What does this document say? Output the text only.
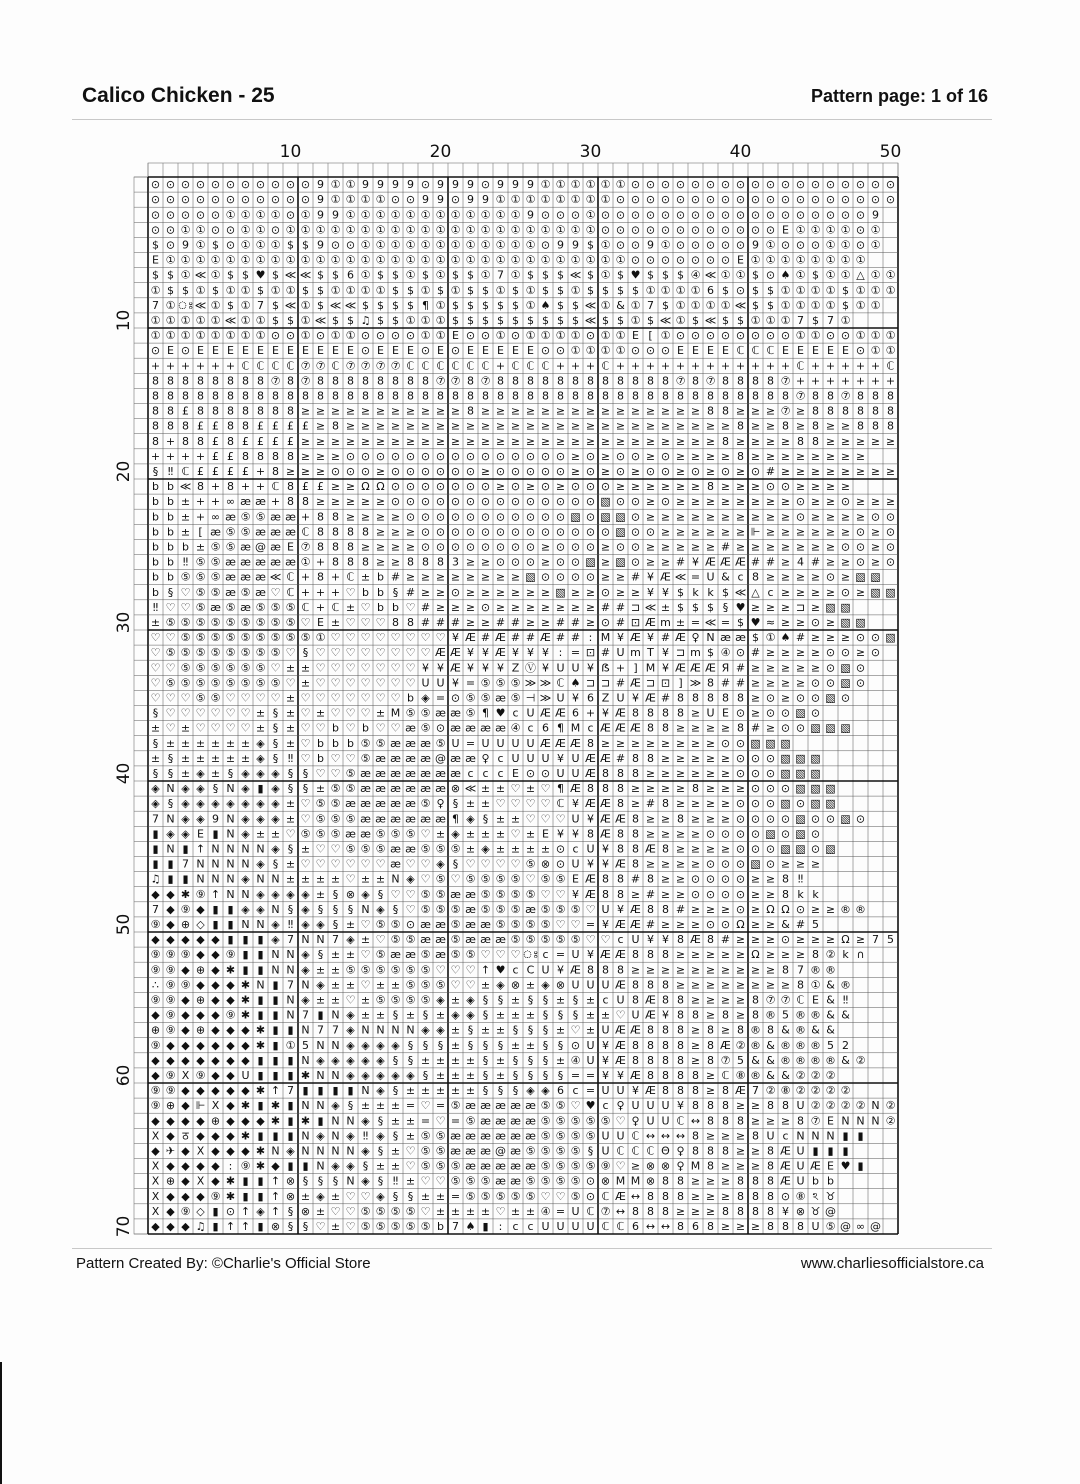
Calico Chicken - 25	Pattern page: 1 of 16
10	20	30	40	50
10
20
30
40
50
60
70
⊙ ⊙ ⊙ ⊙ ⊙ ⊙ ⊙ ⊙ ⊙ ⊙ ⊙ 9 ① ① 9 9 9 9 ⊙ 9 9 9 ⊙ 9 9 9 ① ① ① ① ① ① ⊙ ⊙ ⊙ ⊙ ⊙ ⊙ ⊙ ⊙ ⊙ ⊙ ⊙ ⊙ ⊙ ⊙ ⊙ ⊙ ⊙ ⊙
⊙ ⊙ ⊙ ⊙ ⊙ ⊙ ⊙ ⊙ ⊙ ⊙ ⊙ 9 ① ① ① ① ⊙ ⊙ 9 9 ⊙ 9 9 ① ① ① ① ① ① ① ① ⊙ ⊙ ⊙ ⊙ ⊙ ⊙ ⊙ ⊙ ⊙ ⊙ ⊙ ⊙ ⊙ ⊙ ⊙ ⊙ ⊙ ⊙ ⊙
⊙ ⊙ ⊙ ⊙ ⊙ ① ① ① ① ⊙ ① 9 9 ① ① ① ① ① ① ① ① ① ① ① ① 9 ⊙ ⊙ ⊙ ① ⊙ ⊙ ⊙ ⊙ ⊙ ⊙ ⊙ ⊙ ⊙ ⊙ ⊙ ⊙ ⊙ ⊙ ⊙ ⊙ ⊙ ⊙ 9
⊙ ⊙ ① ① ⊙ ⊙ ① ① ⊙ ① ① ① ① ① ① ① ① ① ① ① ① ① ① ① ① ① ① ① ① ① ⊙ ⊙ ⊙ ⊙ ⊙ ⊙ ⊙ ⊙ ⊙ ⊙ ⊙ ⊙ E ① ① ① ① ⊙ ①
$ ⊙ 9 ① $ ⊙ ① ① ① $ $ 9 ⊙ ⊙ ① ① ① ① ① ① ① ① ① ① ① ① ⊙ 9 9 $ ① ⊙ ⊙ 9 ① ⊙ ⊙ ⊙ ⊙ ⊙ 9 ① ⊙ ⊙ ⊙ ① ① ⊙ ①
E ① ① ① ① ① ① ① ① ① ① ① ① ① ① ① ① ① ① ① ① ① ① ① ① ① ① ① ① ① ① ① ⊙ ⊙ ⊙ ⊙ ⊙ ⊙ ⊙ E ① ① ① ① ① ① ① ①
$ $ ① ≪ ① $ $ ♥ $ ≪ ≪ $ $ 6 ① $ $ ① $ ① $ $ ① 7 ① $ $ $ ≪ $ ① $ ♥ $ $ $ ④ ≪ ① ① $ ⊙ ♠ ① $ ① ① △ ① ①
① $ $ ① $ ① ① $ ① ① $ $ ① ① ① ① $ $ ① $ ① $ $ ① $ ① $ $ ① $ $ $ $ ① ① ① ① 6 $ ⊙ $ $ ① ① ① ① $ ① ① ①
7 ① ঃ ≪ ① $ ① 7 $ ≪ ① $ ≪ ≪ $ $ $ $ ¶ ① $ $ $ $ $ ① ♠ $ $ ≪ ① & ① 7 $ ① ① ① ① ≪ $ $ ① ① ① ① $ ① ①
① ① ① ① ① ≪ ① ① $ $ ① ≪ $ $ ♫ $ $ ① ① ① $ $ $ $ $ $ $ $ $ ≪ $ $ ① $ ≪ ① $ ≪ $ $ ① ① ① 7 $ 7 ①
① ① ① ① ① ① ① ① ⊙ ⊙ ① ⊙ ① ① ⊙ ⊙ ⊙ ⊙ ① ① E ⊙ ⊙ ① ⊙ ① ① ① ① ⊙ ① ① E [ ① ⊙ ⊙ ⊙ ⊙ ⊙ ⊙ ⊙ ⊙ ① ① ⊙ ⊙ ① ① ①
⊙ E ⊙ E E E E E E E E E E E ⊙ E E E ⊙ E ⊙ E E E E E ⊙ ⊙ ① ① ① ① ⊙ ⊙ ⊙ E E E E ℂ ℂ ℂ E E E E E ⊙ ① ①
+ + + + + + ℂ ℂ ℂ ℂ ⑦ ⑦ ℂ ⑦ ⑦ ⑦ ⑦ ℂ ℂ ℂ ℂ ℂ ℂ + ℂ ℂ ℂ + + + ℂ + + + + + + + + + + + + ℂ + + + + + ℂ
8 8 8 8 8 8 8 8 ⑦ 8 ⑦ 8 8 8 8 8 8 8 8 ⑦ ⑦ 8 ⑦ 8 8 8 8 8 8 8 8 8 8 8 8 ⑦ 8 ⑦ 8 8 8 8 ⑦ + + + + + + +
8 8 8 8 8 8 8 8 8 8 8 8 8 8 8 8 8 8 8 8 8 8 8 8 8 8 8 8 8 8 8 8 8 8 8 8 8 8 8 8 8 8 8 ⑦ 8 8 ⑦ 8 8 8
8 8 £ 8 8 8 8 8 8 8 ≥ ≥ ≥ ≥ ≥ ≥ ≥ ≥ ≥ ≥ ≥ 8 ≥ ≥ ≥ ≥ ≥ ≥ ≥ ≥ ≥ ≥ ≥ ≥ ≥ ≥ ≥ 8 8 ≥ ≥ ≥ ⑦ ≥ 8 8 8 8 8 8
8 8 8 £ £ 8 8 £ £ £ £ ≥ 8 ≥ ≥ ≥ ≥ ≥ ≥ ≥ ≥ ≥ ≥ ≥ ≥ ≥ ≥ ≥ ≥ ≥ ≥ ≥ ≥ ≥ ≥ ≥ ≥ ≥ ≥ 8 ≥ ≥ 8 ≥ 8 ≥ ≥ 8 8 8
8 + 8 8 £ 8 £ £ £ £ ≥ ≥ ≥ ≥ ≥ ≥ ≥ ≥ ≥ ≥ ≥ ≥ ≥ ≥ ≥ ≥ ≥ ≥ ≥ ≥ ≥ ≥ ≥ ≥ ≥ ≥ ≥ ≥ 8 ≥ ≥ ≥ ≥ 8 8 ≥ ≥ ≥ ≥ ≥
+ + + + £ £ 8 8 8 8 ≥ ≥ ≥ ⊙ ⊙ ⊙ ⊙ ⊙ ⊙ ⊙ ⊙ ⊙ ⊙ ⊙ ⊙ ⊙ ⊙ ⊙ ≥ ⊙ ≥ ⊙ ⊙ ≥ ⊙ ≥ ≥ ≥ ≥ 8 ≥ ≥ ≥ ≥ ≥ ≥ ≥ ≥
§ ‼ ℂ £ £ £ £ + 8 ≥ ≥ ≥ ⊙ ⊙ ⊙ ≥ ⊙ ⊙ ⊙ ⊙ ⊙ ⊙ ≥ ⊙ ⊙ ⊙ ⊙ ⊙ ≥ ⊙ ≥ ⊙ ≥ ⊙ ⊙ ≥ ⊙ ≥ ⊙ ≥ ⊙ # ≥ ≥ ≥ ≥ ≥ ≥ ≥ ≥
b b ≪ 8 + 8 + + ℂ 8 £ £ ≥ ≥ Ω Ω ⊙ ⊙ ⊙ ⊙ ⊙ ⊙ ⊙ ≥ ⊙ ≥ ⊙ ≥ ⊙ ⊙ ⊙ ≥ ≥ ≥ ≥ ≥ ≥ 8 ≥ ≥ ≥ ⊙ ⊙ ≥ ≥ ≥ ≥
b b ± + + ∞ æ æ + 8 8 ≥ ≥ ≥ ≥ ≥ ⊙ ⊙ ⊙ ⊙ ⊙ ⊙ ⊙ ⊙ ⊙ ⊙ ⊙ ⊙ ⊙ ⊙ ▧ ⊙ ⊙ ≥ ⊙ ≥ ≥ ≥ ≥ ≥ ≥ ≥ ≥ ⊙ ≥ ≥ ⊙ ≥ ≥ ≥
b b ± + ∞ æ ⑤ ⑤ æ æ + 8 8 ≥ ≥ ≥ ≥ ⊙ ⊙ ⊙ ⊙ ⊙ ⊙ ⊙ ⊙ ⊙ ⊙ ⊙ ▧ ⊙ ▧ ▧ ⊙ ≥ ≥ ≥ ≥ ≥ ≥ ≥ ≥ ≥ ≥ ⊙ ≥ ≥ ≥ ≥ ⊙ ⊙
b b ± [ æ ⑤ ⑤ æ æ æ ℂ 8 8 8 8 ≥ ≥ ≥ ⊙ ⊙ ⊙ ⊙ ⊙ ⊙ ⊙ ⊙ ⊙ ⊙ ⊙ ⊙ ⊙ ▧ ⊙ ⊙ ≥ ≥ ≥ ≥ ≥ ≥ ⊩ ≥ ≥ ≥ ≥ ≥ ≥ ⊙ ≥ ⊙
b b b ± ⑤ ⑤ æ @ æ E ⑦ 8 8 8 ≥ ≥ ≥ ≥ ⊙ ⊙ ⊙ ⊙ ⊙ ⊙ ⊙ ⊙ ≥ ⊙ ⊙ ⊙ ≥ ⊙ ⊙ ≥ ≥ ≥ ≥ ≥ # ≥ ≥ ≥ ≥ ≥ ≥ ≥ ⊙ ⊙ ≥ ⊙
b b ‼ ⑤ ⑤ æ æ æ æ æ ① + 8 8 8 ≥ ≥ 8 8 8 3 ≥ ≥ ⊙ ⊙ ⊙ ≥ ⊙ ⊙ ▧ ≥ ▧ ⊙ ≥ ≥ # ¥ Æ Æ Æ # # ≥ 4 # ≥ ≥ ⊙ ≥ ⊙
b b ⑤ ⑤ ⑤ æ æ æ ≪ ℂ + 8 + ℂ ± b # ≥ ≥ ≥ ≥ ≥ ≥ ≥ ≥ ▧ ⊙ ⊙ ⊙ ⊙ ≥ ≥ # ¥ Æ ≪ = U & c 8 ≥ ≥ ≥ ≥ ⊙ ≥ ▧ ▧
b § ♡ ⑤ ⑤ æ ⑤ æ ♡ ℂ + + + ♡ b b § # ≥ ≥ ⊙ ≥ ≥ ≥ ≥ ≥ ≥ ▧ ≥ ≥ ⊙ ≥ ≥ ¥ ¥ $ k k $ ≪ △ c ≥ ≥ ≥ ≥ ⊙ ≥ ▧ ▧
‼ ♡ ♡ ⑤ æ ⑤ æ ⑤ ⑤ ⑤ ℂ + ℂ ± ♡ b b ♡ # ≥ ≥ ≥ ⊙ ≥ ≥ ≥ ≥ ≥ ≥ ≥ # # ⊐ ≪ ± $ $ $ § ♥ ≥ ≥ ≥ ⊐ ≥ ▧ ▧
± ⑤ ⑤ ⑤ ⑤ ⑤ ⑤ ⑤ ⑤ ⑤ ♡ E ± ♡ ♡ ♡ 8 8 # # # ≥ ≥ # # ≥ ≥ # # ≥ ⊙ # ⊡ Æ m ± = ≪ = $ ♥ ≈ ≥ ≥ ⊙ ≥ ▧ ▧
♡ ♡ ⑤ ⑤ ⑤ ⑤ ⑤ ⑤ ⑤ ⑤ ⑤ ① ♡ ♡ ♡ ♡ ♡ ♡ ♡ ♡ ¥ Æ # Æ # # Æ # # : M ¥ Æ ¥ # Æ ♀ N æ æ $ ① ♠ # ≥ ≥ ≥ ⊙ ⊙ ▧
♡ ⑤ ⑤ ⑤ ⑤ ⑤ ⑤ ⑤ ⑤ ♡ § ♡ ♡ ♡ ♡ ♡ ♡ ♡ ♡ Æ Æ ¥ ¥ Æ ¥ ¥ ¥ : = ⊡ # U m T ¥ ⊐ m $ ④ ⊙ # ≥ ≥ ≥ ≥ ⊙ ⊙ ≥ ⊙
♡ ♡ ⑤ ⑤ ⑤ ⑤ ⑤ ⑤ ♡ ± ± ♡ ♡ ♡ ♡ ♡ ♡ ♡ ¥ ¥ Æ ¥ ¥ ¥ Z Ⓥ ¥ U U ¥ ẞ + ] M ¥ Æ Æ Æ Я # ≥ ≥ ≥ ≥ ≥ ⊙ ▧ ⊙
♡ ⑤ ⑤ ⑤ ⑤ ⑤ ⑤ ⑤ ⑤ ♡ ± ♡ ♡ ♡ ♡ ♡ ♡ ♡ U U ¥ = ⑤ ⑤ ⑤ ≫ ≫ ℂ ♠ ⊐ ⊐ # Æ ⊐ ⊡ ] ≫ 8 # # ≥ ≥ ≥ ≥ ⊙ ⊙ ▧ ⊙
♡ ♡ ♡ ⑤ ⑤ ♡ ♡ ♡ ♡ ± ♡ ♡ ♡ ♡ ♡ ♡ ♡ b ◈ = ⊙ ⑤ ⑤ æ ⑤ ⊣ ≫ U ¥ 6 Z U ¥ Æ # 8 8 8 8 8 ≥ ⊙ ≥ ⊙ ⊙ ▧ ⊙
§ ♡ ♡ ♡ ♡ ♡ ♡ ± § ± ♡ ± ♡ ♡ ♡ ± M ⑤ ⑤ æ æ ⑤ ¶ ♥ c U Æ Æ 6 + ¥ Æ 8 8 8 8 ≥ U E ⊙ ≥ ⊙ ⊙ ▧ ⊙
± ♡ ± ♡ ♡ ♡ ♡ ± § ± ♡ ♡ b ♡ b ♡ ♡ æ ⑤ ⊙ æ æ æ æ ④ c 6 ¶ M c Æ Æ Æ 8 8 ≥ ≥ ≥ ≥ 8 # ≥ ⊙ ⊙ ▧ ▧ ▧
§ ± ± ± ± ± ± ◈ § ± ♡ b b b ⑤ ⑤ æ æ æ ⑤ U = U U U U Æ Æ Æ 8 ≥ ≥ ≥ ≥ ≥ ≥ ≥ ≥ ⊙ ⊙ ▧ ▧ ▧
± § ± ± ± ± ± ◈ § ‼ ♡ b ♡ ♡ ⑤ æ æ æ æ @ æ æ ♀ c U U U ¥ U Æ Æ # 8 8 ≥ ≥ ≥ ≥ ≥ ⊙ ⊙ ⊙ ▧ ▧ ▧
§ § ± ◈ ± § ◈ ◈ ◈ § § ♡ ♡ ⑤ æ æ æ æ æ æ æ c c c E ⊙ ⊙ U U Æ 8 8 8 ≥ ≥ ≥ ≥ ≥ ≥ ⊙ ⊙ ⊙ ▧ ▧ ▧
◈ N ◈ ◈ § N ◈ ▮ ◈ § § ± ⑤ ⑤ æ æ æ æ æ æ ⊗ ≪ ± ± ♡ ± ♡ ¶ Æ 8 8 8 ≥ ≥ ≥ ≥ 8 ≥ ≥ ≥ ⊙ ⊙ ⊙ ▧ ▧ ▧
◈ § ◈ ◈ ◈ ◈ ◈ ◈ ◈ ± ♡ ⑤ ⑤ æ æ æ æ æ ⑤ ♀ § ± ± ♡ ♡ ♡ ♡ ℂ ¥ Æ Æ 8 ≥ # 8 ≥ ≥ ≥ ≥ ⊙ ⊙ ⊙ ▧ ⊙ ▧ ▧
7 N ◈ ◈ 9 N ◈ ◈ ◈ ± ♡ ⑤ ⑤ ⑤ æ æ æ æ æ æ ¶ ◈ § ± ± ♡ ♡ ♡ U ¥ Æ Æ 8 ≥ ≥ 8 ≥ ≥ ≥ ⊙ ⊙ ⊙ ⊙ ▧ ⊙ ⊙ ▧ ⊙
▮ ◈ ◈ E ▮ N ◈ ± ± ♡ ⑤ ⑤ ⑤ æ æ ⑤ ⑤ ⑤ ♡ ± ◈ ± ± ± ♡ ± E ¥ ¥ 8 Æ 8 8 ≥ ≥ ≥ ≥ ⊙ ⊙ ⊙ ⊙ ▧ ⊙ ▧ ⊙
▮ N ▮ ↑ N N N N ◈ § ± ♡ ♡ ⑤ ⑤ ⑤ æ æ ⑤ ⑤ ⑤ ± ◈ ± ± ± ± ⊙ c U ¥ 8 8 Æ 8 ≥ ≥ ≥ ≥ ⊙ ⊙ ⊙ ▧ ▧ ⊙ ▧
▮ ▮ 7 N N N N ◈ § ± ♡ ♡ ♡ ♡ ♡ ♡ æ ♡ ♡ ◈ § ♡ ♡ ♡ ♡ ⑤ ⊗ ⊙ U ¥ ¥ Æ 8 ≥ ≥ ≥ ≥ ⊙ ⊙ ⊙ ▧ ⊙ ≥ ≥ ≥
♫ ▮ ▮ N N N ◈ N N ± ± ± ± ♡ ± ± N ◈ ♡ ⑤ ♡ ⑤ ⑤ ⑤ ⑤ ♡ ⑤ ⑤ E Æ 8 8 # 8 ≥ ≥ ⊙ ⊙ ⊙ ⊙ ≥ ≥ 8 ‼
◆ ◆ ✱ ⑨ ↑ N N ◈ ◈ ◈ ◈ ± § ⊗ ◈ § ♡ ♡ ⑤ ⑤ æ æ ⑤ ⑤ ⑤ ⑤ ♡ ♡ ¥ Æ 8 8 ≥ # ≥ ≥ ⊙ ⊙ ⊙ ⊙ ≥ ≥ 8 k k
7 ◆ ⑨ ◆ ▮ ▮ ◈ ◈ N § ◈ § § § N ◈ § ♡ ⑤ ⑤ ⑤ æ ⑤ ⑤ ⑤ æ ⑤ ⑤ ⑤ ♡ U ¥ Æ 8 8 # ≥ ≥ ≥ ⊙ ≥ Ω Ω ⊙ ≥ ≥ ® ®
⑨ ◆ ⊕ ◇ ▮ ▮ N N ◈ ‼ ◈ ◈ § ± ♡ ⑤ ⑤ ⊙ æ æ ⑤ æ æ ⑤ ⑤ ⑤ ⑤ ♡ ♡ = ¥ Æ Æ # ≥ ≥ ≥ ⊙ ⊙ Ω ≥ ≥ & # 5
◆ ◆ ◆ ◆ ◆ ▮ ▮ ▮ ◈ 7 N N 7 ◈ ± ♡ ⑤ ⑤ æ æ ⑤ æ æ æ ⑤ ⑤ ⑤ ⑤ ⑤ ♡ ♡ c U ¥ ¥ 8 Æ 8 # ≥ ≥ ≥ ⊙ ≥ ≥ ≥ Ω ≥ 7 5
⑨ ⑨ ⑨ ◆ ◆ ⑨ ▮ ▮ N N ◈ § ± ± ♡ ⑤ æ æ ⑤ æ ⑤ ⑤ ♡ ♡ ♡ ঃ c = U ¥ Æ Æ 8 8 8 ≥ ≥ ≥ ≥ ≥ Ω ≥ ≥ ≥ 8 ② k ∩
⑨ ⑨ ◆ ⊕ ◆ ✱ ▮ ▮ N N ◈ ± ± ⑤ ⑤ ⑤ ⑤ ⑤ ⑤ ♡ ♡ ♡ ↑ ♥ c C U ¥ Æ 8 8 8 ≥ ≥ ≥ ≥ ≥ ≥ ≥ ≥ ≥ ≥ 8 7 ® ®
∴ ⑨ ⑨ ◆ ◆ ◆ ✱ N ▮ 7 N ◈ ± ± ♡ ± ± ⑤ ⑤ ⑤ ♡ ♡ ± ◈ ⊗ ± ◈ ⊗ U U U Æ 8 8 8 ≥ ≥ ≥ ≥ ≥ ≥ ≥ ≥ 8 ① & ®
⑨ ⑨ ◆ ⊕ ◆ ◆ ✱ ▮ ▮ N ◈ ± ± ♡ ± ⑤ ⑤ ⑤ ⑤ ◈ ± ◈ § § ± § § ± § ± c U 8 Æ 8 8 ≥ ≥ ≥ ≥ 8 ⑦ ⑦ ℂ E & ‼
◆ ⑨ ◆ ◆ ◆ ⑨ ✱ ▮ ▮ N 7 ▮ N ◈ ± ± § ± § ± ◈ ◈ § ± ± ± § § § ± ± ♡ U Æ ¥ 8 8 ≥ 8 ≥ 8 ® 5 ® ® & &
⊕ ⑨ ◆ ⊕ ◆ ◆ ◆ ✱ ▮ ▮ N 7 7 ◈ N N N N ◈ ◈ ± § ± ± § § § ± ♡ ± U Æ Æ 8 8 8 ≥ 8 ≥ 8 ® 8 & ® & &
⑨ ◆ ◆ ◆ ◆ ◆ ◆ ✱ ▮ ① 5 N N ◈ ◈ ◈ ◈ § § § ± § § § ± ± § § ⊙ U ¥ Æ 8 8 8 8 ≥ 8 Æ ② ® & ® ® ® 5 2
◆ ◆ ◆ ◆ ◆ ◆ ◆ ▮ ▮ ▮ N ◈ ◈ ◈ ◈ ◈ § § ± ± ± ± § ± § § § ± ④ U ¥ Æ 8 8 8 8 ≥ 8 ⑦ 5 & & ® ® ® ® & ②
◆ ⑨ X ⑨ ◆ ◆ U ▮ ▮ ▮ ✱ N N ◈ ◈ ◈ ◈ ◈ § ± ± ± § ± § § § § = = ¥ ¥ Æ 8 8 8 8 ≥ ℂ ⑧ ® & & ② ② ②
⑨ ⑨ ◆ ◆ ◆ ◆ ◆ ✱ ↑ 7 ▮ ▮ ▮ ▮ N ◈ § ± ± ± ± ± § § § ◈ ◈ 6 c = U U ¥ Æ 8 8 8 ≥ 8 Æ 7 ② ⑧ ② ② ② ②
⑨ ⊕ ◆ ⊩ X ◆ ✱ ▮ ✱ ▮ N N ◈ § ± ± ± = ♡ = ⑤ æ æ æ æ æ ⑤ ⑤ ♡ ♥ c ♀ U U U ¥ 8 8 8 ≥ ≥ 8 8 U ② ② ② ② N ②
◆ ◆ ◆ ◆ ⊕ ◆ ◆ ◆ ✱ ▮ ✱ ▮ N N ◈ § ± ± = ♡ = ⑤ æ æ æ æ ⑤ ⑤ ⑤ ⑤ ⑤ ♡ ♀ U U ℂ ↔ 8 8 8 ≥ ≥ ≥ 8 ⑦ E N N N ②
X ◆ ठ ◆ ◆ ◆ ✱ ▮ ▮ ▮ N ◈ N ◈ ‼ ◈ § ± ⑤ ⑤ æ æ æ æ æ æ ⑤ ⑤ ⑤ ⑤ U U ℂ ↔ ↔ ↔ 8 ≥ ≥ ≥ 8 U c N N N ▮ ▮
◆ ✈ ◆ X ◆ ◆ ◆ ✱ N ◈ N N N N ◈ § ± ♡ ⑤ ⑤ æ æ æ @ æ ⑤ ⑤ ⑤ ⑤ § U ℂ ℂ ℂ Θ ♀ 8 8 8 ≥ ≥ 8 Æ U ▮ ▮ ▮
X ◆ ◆ ◆ ◆ : ⑨ ✱ ◆ ▮ ▮ N ◈ ◈ § ± ± ♡ ⑤ ⑤ ⑤ æ æ æ æ æ ⑤ ⑤ ⑤ ⑤ ⑨ ♡ ≥ ⊗ ⊗ ♀ M 8 ≥ ≥ ≥ 8 Æ U Æ E ♥ ▮
X ⊕ ◆ X ◆ ✱ ▮ ▮ ↑ ⊗ § § § N ◈ § ‼ ± ♡ ♡ ⑤ ⑤ ⑤ æ æ ⑤ ⑤ ⑤ ⑤ ⊙ ⊗ M M ⊗ 8 8 ≥ ≥ ≥ 8 8 8 Æ U b b
X ◆ ◆ ◆ ⑨ ✱ ▮ ▮ ↑ ⊗ ± ◈ ± ♡ ♡ ◈ § § ± ± = ⑤ ⑤ ⑤ ⑤ ⑤ ♡ ♡ ⑤ ⊙ ℂ Æ ↔ 8 8 8 ≥ ≥ ≥ 8 8 8 ⊙ ⑧ ঽ ♉
X ◆ ⑨ ◇ ▮ ⊙ ↑ ◈ ↑ § ⊗ ± ♡ ♡ ⑤ ⑤ ⑤ ⑤ ♡ ± ± ± ± ♡ ± ± ④ = U ℂ ⑦ ↔ 8 8 8 ≥ ≥ ≥ 8 8 8 8 ¥ ⊗ ♉ @
◆ ◆ ◆ ♫ ▮ ↑ ↑ ▮ ⊗ § § ♡ ± ♡ ⑤ ⑤ ⑤ ⑤ ⑤ b 7 ♠ ▮ : c c U U U U ℂ ℂ 6 ↔ ↔ 8 6 8 ≥ ≥ ≥ 8 8 8 U ⑤ @ ∞ @
Pattern Created By: ©Charlie's Official Store	www.charliesofficialstore.ca
